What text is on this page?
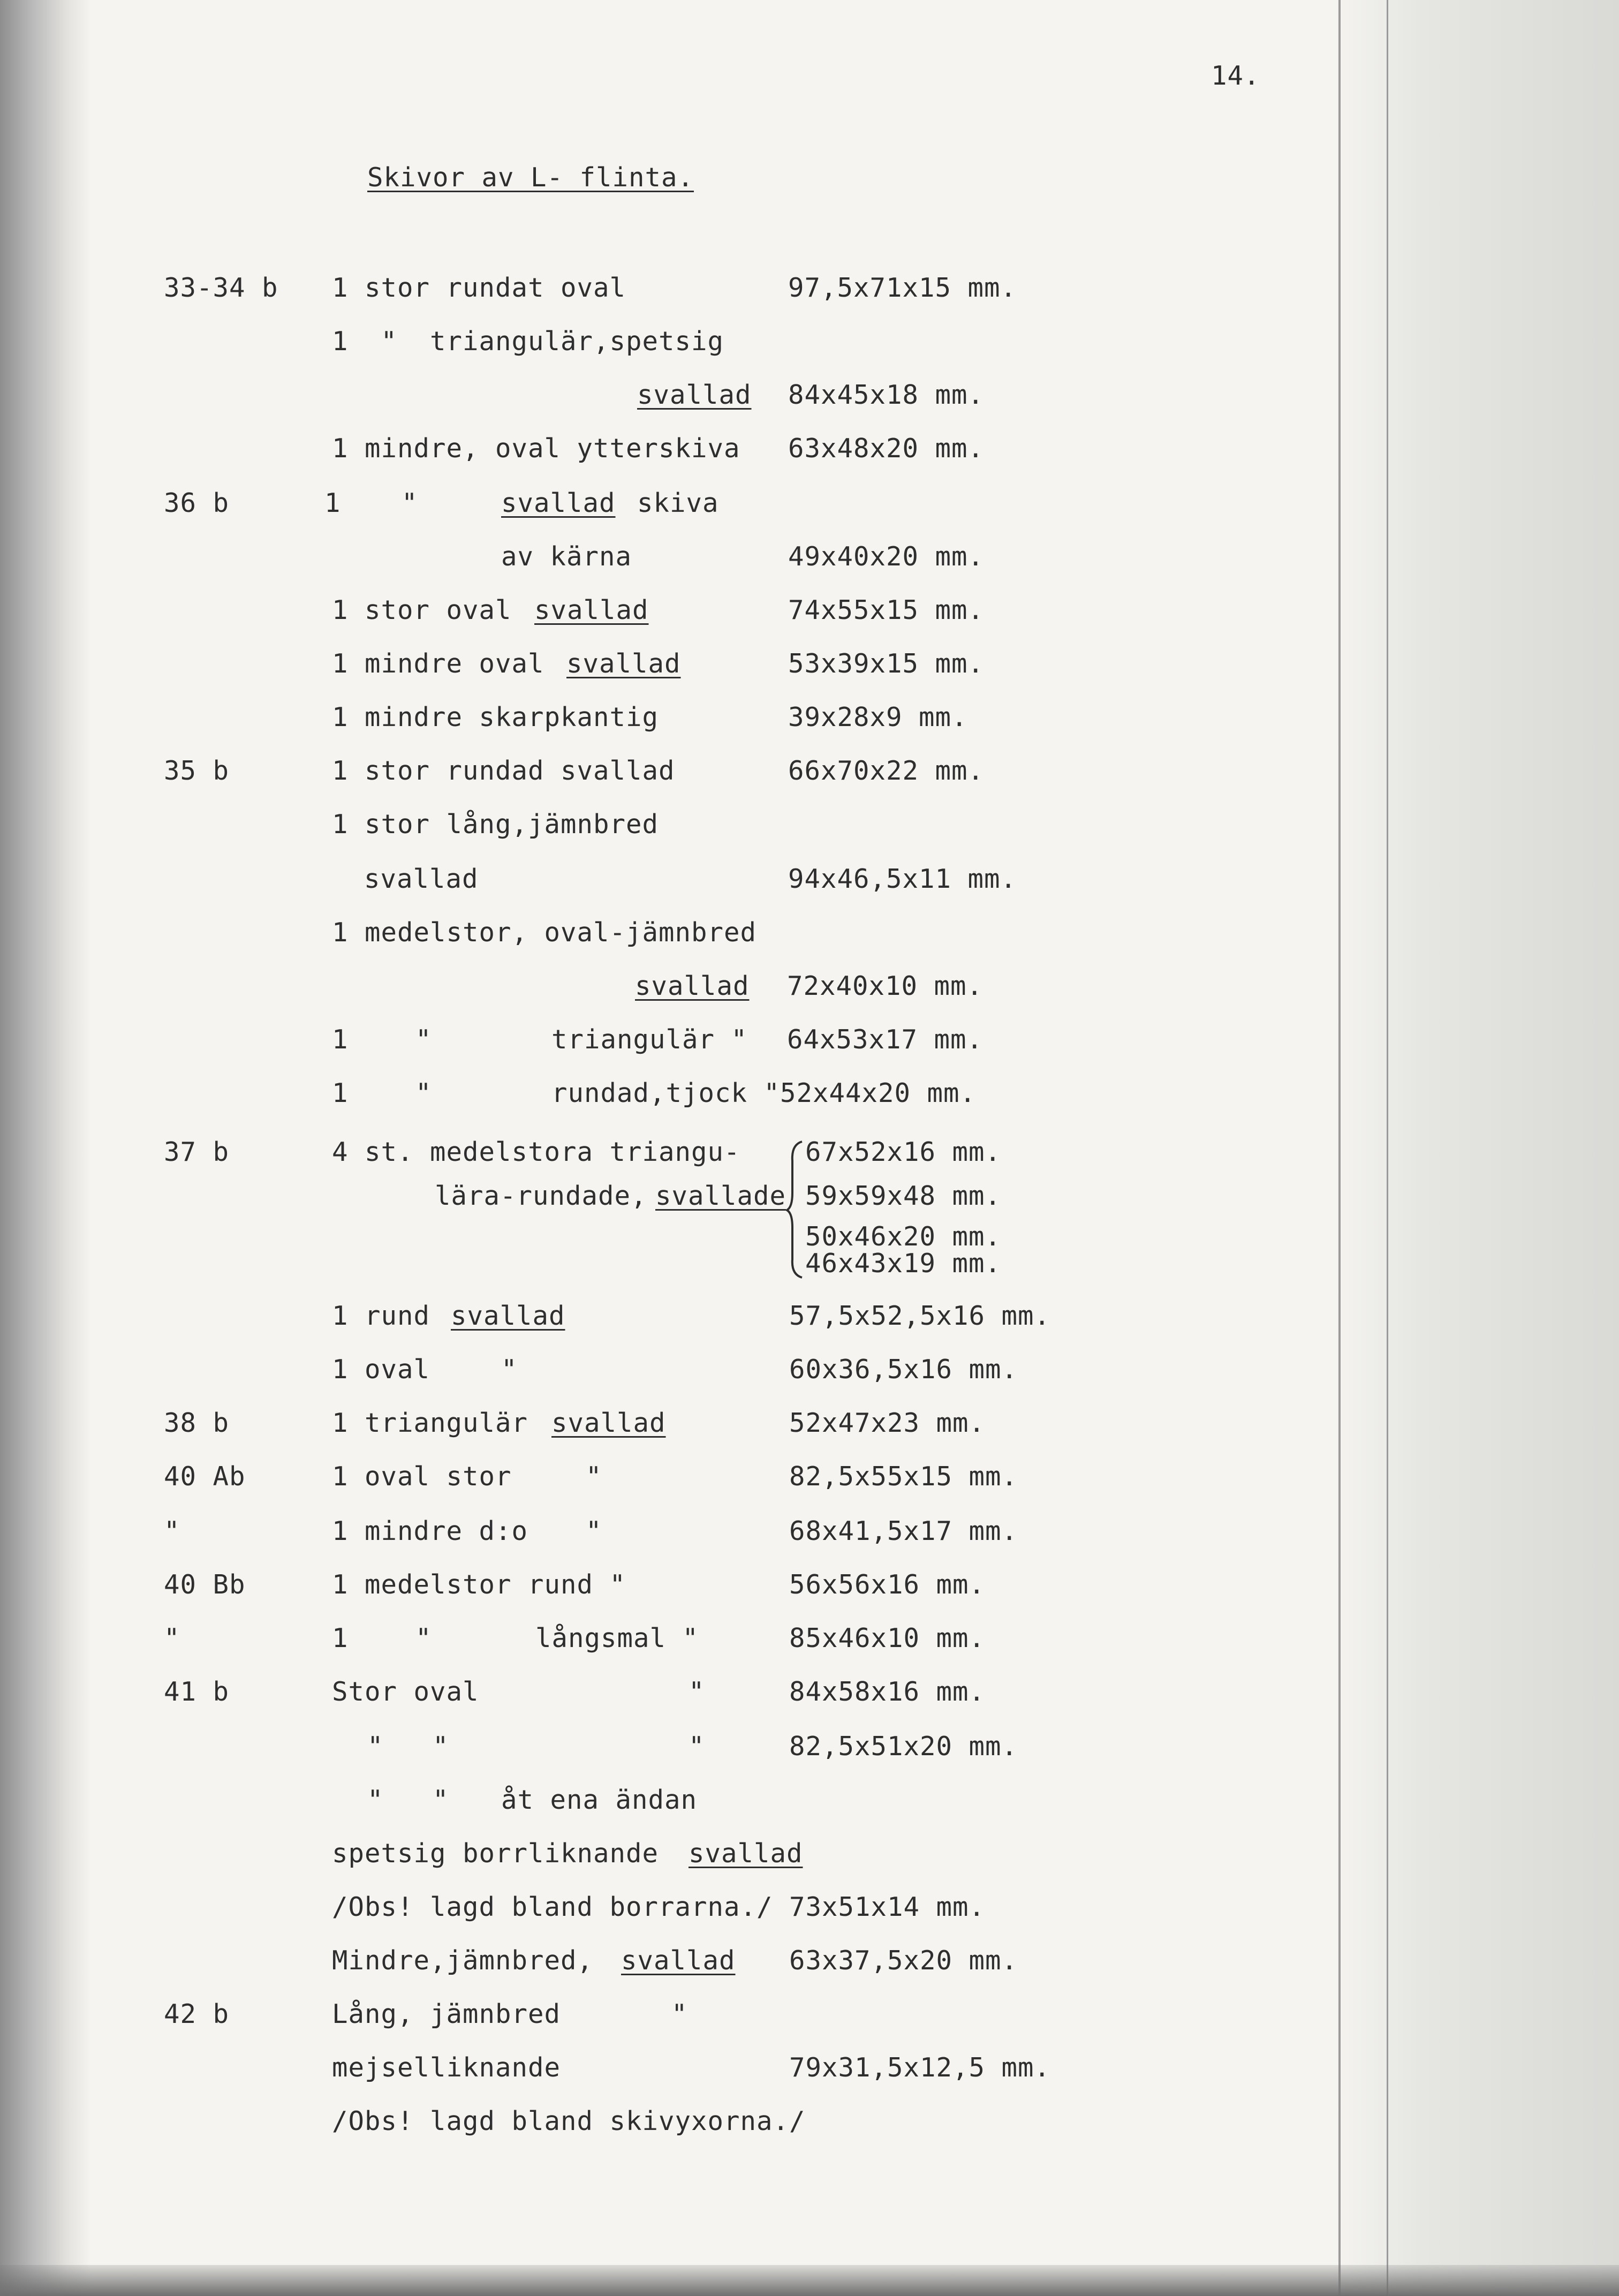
14.
Skivor av L- flinta.
33-34 b 1 stor rundat oval	97,5x71x15 mm.
1  "  triangulär,spetsig
svallad 84x45x18 mm.
1 mindre, oval ytterskiva 63x48x20 mm.
36 b	1 "	svallad skiva
av kärna	49x40x20 mm.
1 stor oval svallad	74x55x15 mm.
1 mindre oval svallad	53x39x15 mm.
1 mindre skarpkantig	39x28x9 mm.
35 b	1 stor rundad svallad	66x70x22 mm.
1 stor lång,jämnbred
svallad	94x46,5x11 mm.
1 medelstor, oval-jämnbred
svallad 72x40x10 mm.
1	"	triangulär " 64x53x17 mm.
1	"	rundad,tjock "52x44x20 mm.
37 b	4 st. medelstora triangu- 67x52x16 mm.
lära-rundade, svallade 59x59x48 mm.
50x46x20 mm.
46x43x19 mm.
1 rund svallad	57,5x52,5x16 mm.
1 oval	"	60x36,5x16 mm.
38 b	1 triangulär svallad	52x47x23 mm.
40 Ab	1 oval stor	"	82,5x55x15 mm.
"	1 mindre d:o "	68x41,5x17 mm.
40 Bb	1 medelstor rund "	56x56x16 mm.
"	1	"	långsmal "	85x46x10 mm.
41 b	Stor oval	"	84x58x16 mm.
" "	"	82,5x51x20 mm.
" " åt ena ändan
spetsig borrliknande svallad
/Obs! lagd bland borrarna./ 73x51x14 mm.
Mindre,jämnbred, svallad 63x37,5x20 mm.
42 b	Lång, jämnbred	"
mejselliknande	79x31,5x12,5 mm.
/Obs! lagd bland skivyxorna./
